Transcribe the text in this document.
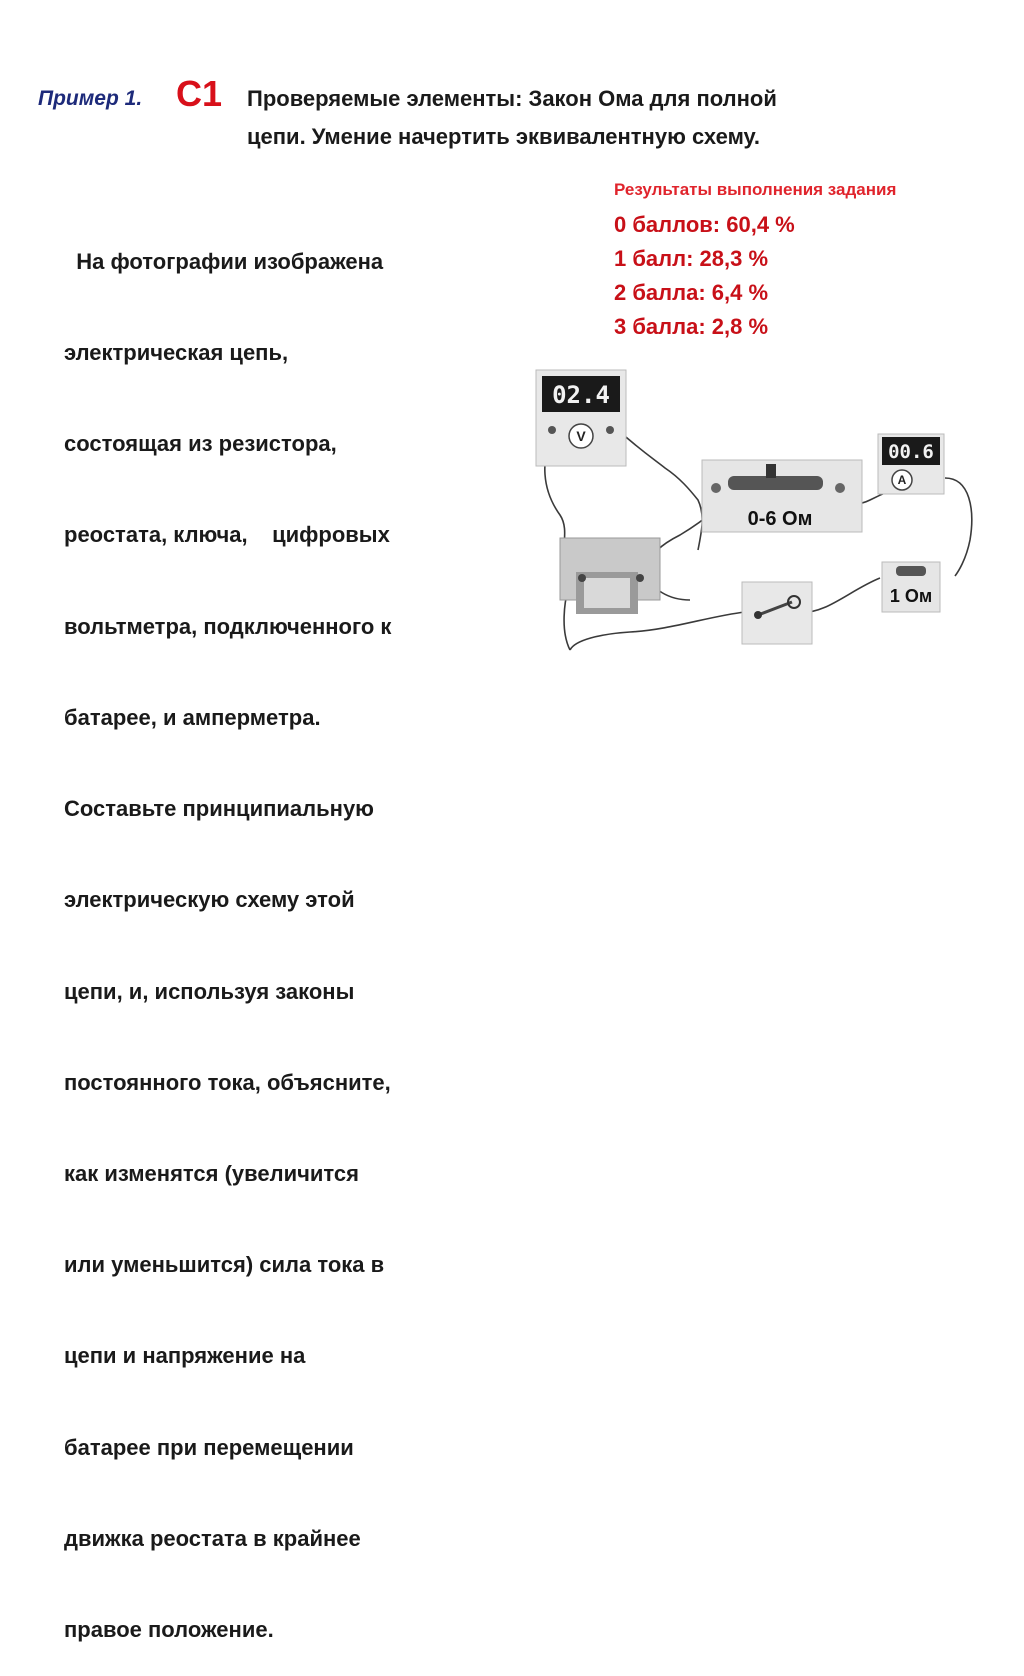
Пример 1. С1 Проверяемые элементы: Закон Ома для полной
цепи. Умение начертить эквивалентную схему.

На фотографии изображена

электрическая цепь,

состоящая из резистора,

реостата, ключа,    цифровых

вольтметра, подключенного к

батарее, и амперметра.

Составьте принципиальную

электрическую схему этой

цепи, и, используя законы

постоянного тока, объясните,

как изменятся (увеличится

или уменьшится) сила тока в

цепи и напряжение на

батарее при перемещении

движка реостата в крайнее

правое положение.

Результаты выполнения задания
0 баллов: 60,4 %
1 балл: 28,3 %
2 балла: 6,4 %
3 балла: 2,8 %
02.4
V
0-6 Ом
00.6
A
1 Ом
